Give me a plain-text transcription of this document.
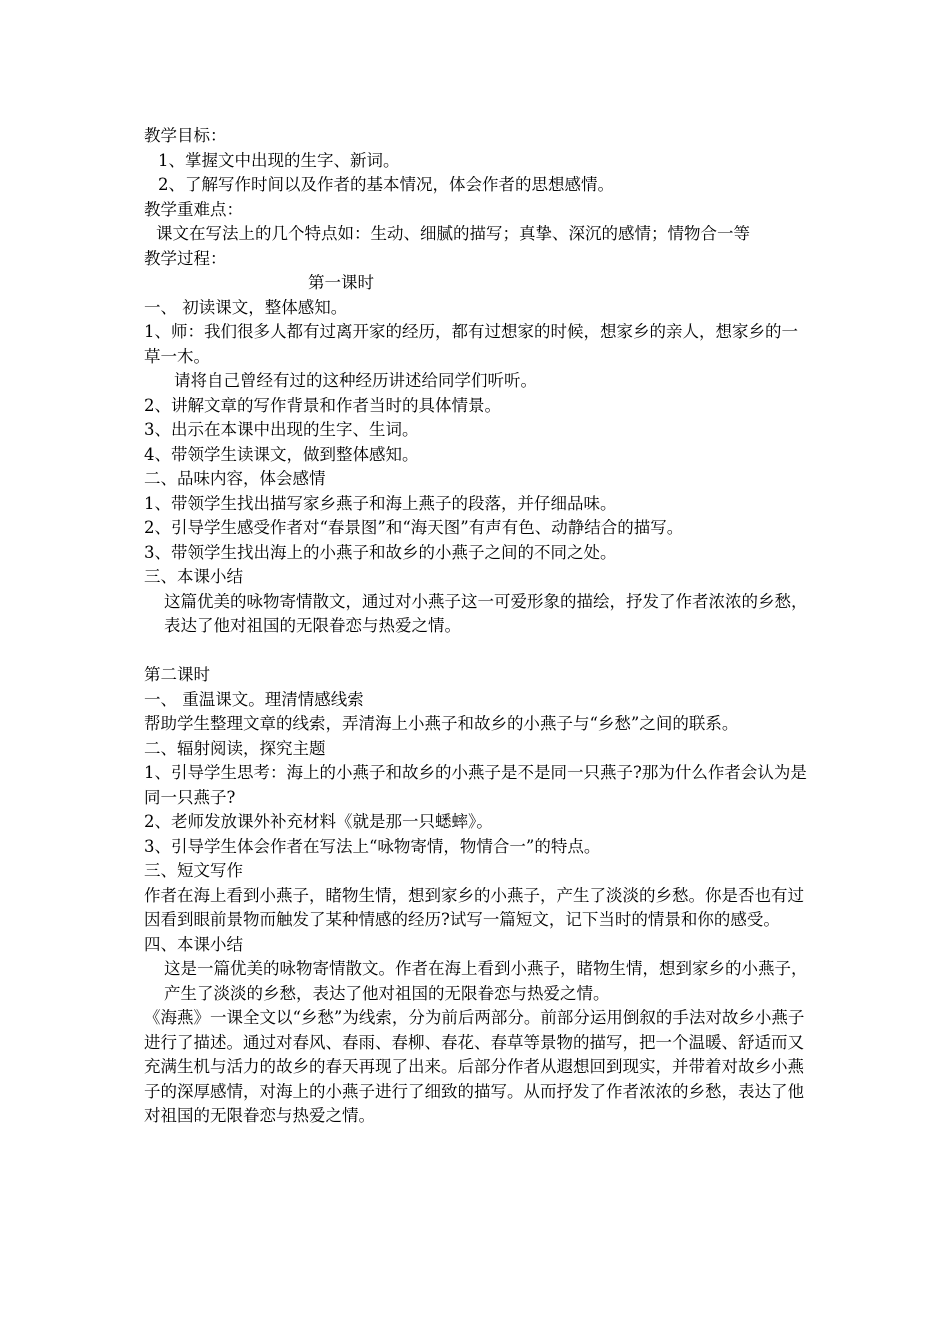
教学目标：

1、掌握文中出现的生字、新词。

2、了解写作时间以及作者的基本情况，体会作者的思想感情。

教学重难点：

课文在写法上的几个特点如：生动、细腻的描写；真挚、深沉的感情；情物合一等

教学过程：

第一课时

一、 初读课文，整体感知。

1、师：我们很多人都有过离开家的经历，都有过想家的时候，想家乡的亲人，想家乡的一草一木。

请将自己曾经有过的这种经历讲述给同学们听听。

2、讲解文章的写作背景和作者当时的具体情景。

3、出示在本课中出现的生字、生词。

4、带领学生读课文，做到整体感知。

二、品味内容，体会感情

1、带领学生找出描写家乡燕子和海上燕子的段落，并仔细品味。

2、引导学生感受作者对“春景图”和“海天图”有声有色、动静结合的描写。

3、带领学生找出海上的小燕子和故乡的小燕子之间的不同之处。

三、本课小结

这篇优美的咏物寄情散文，通过对小燕子这一可爱形象的描绘，抒发了作者浓浓的乡愁，表达了他对祖国的无限眷恋与热爱之情。

第二课时

一、 重温课文。理清情感线索

帮助学生整理文章的线索，弄清海上小燕子和故乡的小燕子与“乡愁”之间的联系。

二、辐射阅读，探究主题

1、引导学生思考：海上的小燕子和故乡的小燕子是不是同一只燕子?那为什么作者会认为是同一只燕子?

2、老师发放课外补充材料《就是那一只蟋蟀》。

3、引导学生体会作者在写法上“咏物寄情，物情合一”的特点。

三、短文写作

作者在海上看到小燕子，睹物生情，想到家乡的小燕子，产生了淡淡的乡愁。你是否也有过因看到眼前景物而触发了某种情感的经历?试写一篇短文，记下当时的情景和你的感受。

四、本课小结

这是一篇优美的咏物寄情散文。作者在海上看到小燕子，睹物生情，想到家乡的小燕子，产生了淡淡的乡愁，表达了他对祖国的无限眷恋与热爱之情。

《海燕》一课全文以“乡愁”为线索，分为前后两部分。前部分运用倒叙的手法对故乡小燕子进行了描述。通过对春风、春雨、春柳、春花、春草等景物的描写，把一个温暖、舒适而又充满生机与活力的故乡的春天再现了出来。后部分作者从遐想回到现实，并带着对故乡小燕子的深厚感情，对海上的小燕子进行了细致的描写。从而抒发了作者浓浓的乡愁，表达了他对祖国的无限眷恋与热爱之情。
